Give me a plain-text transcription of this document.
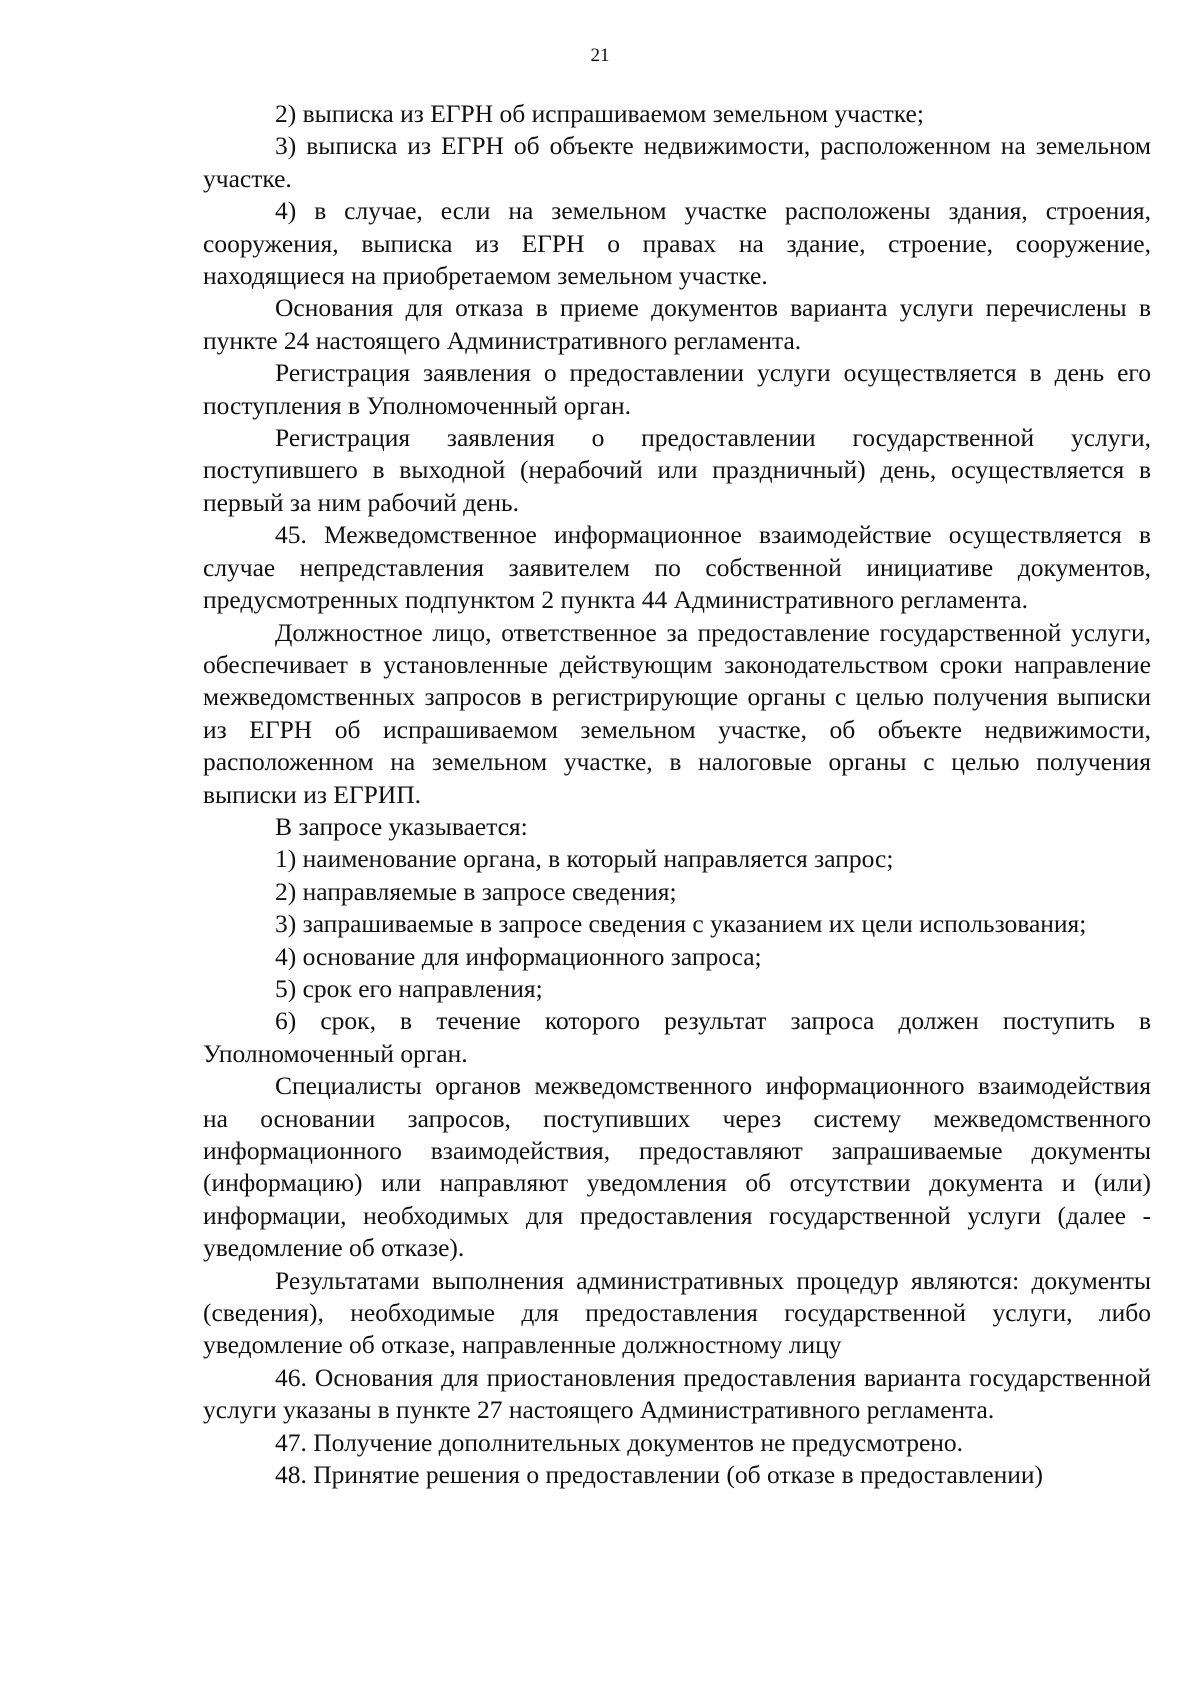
21

2) выписка из ЕГРН об испрашиваемом земельном участке;

3) выписка из ЕГРН об объекте недвижимости, расположенном на земельном участке.

4) в случае, если на земельном участке расположены здания, строения, сооружения, выписка из ЕГРН о правах на здание, строение, сооружение, находящиеся на приобретаемом земельном участке.

Основания для отказа в приеме документов варианта услуги перечислены в пункте 24 настоящего Административного регламента.

Регистрация заявления о предоставлении услуги осуществляется в день его поступления в Уполномоченный орган.

Регистрация заявления о предоставлении государственной услуги, поступившего в выходной (нерабочий или праздничный) день, осуществляется в первый за ним рабочий день.

45. Межведомственное информационное взаимодействие осуществляется в случае непредставления заявителем по собственной инициативе документов, предусмотренных подпунктом 2 пункта 44 Административного регламента.

Должностное лицо, ответственное за предоставление государственной услуги, обеспечивает в установленные действующим законодательством сроки направление межведомственных запросов в регистрирующие органы с целью получения выписки из ЕГРН об испрашиваемом земельном участке, об объекте недвижимости, расположенном на земельном участке, в налоговые органы с целью получения выписки из ЕГРИП.

В запросе указывается:

1) наименование органа, в который направляется запрос;

2) направляемые в запросе сведения;

3) запрашиваемые в запросе сведения с указанием их цели использования;

4) основание для информационного запроса;

5) срок его направления;

6) срок, в течение которого результат запроса должен поступить в Уполномоченный орган.

Специалисты органов межведомственного информационного взаимодействия на основании запросов, поступивших через систему межведомственного информационного взаимодействия, предоставляют запрашиваемые документы (информацию) или направляют уведомления об отсутствии документа и (или) информации, необходимых для предоставления государственной услуги (далее - уведомление об отказе).

Результатами выполнения административных процедур являются: документы (сведения), необходимые для предоставления государственной услуги, либо уведомление об отказе, направленные должностному лицу

46. Основания для приостановления предоставления варианта государственной услуги указаны в пункте 27 настоящего Административного регламента.

47. Получение дополнительных документов не предусмотрено.

48. Принятие решения о предоставлении (об отказе в предоставлении)
